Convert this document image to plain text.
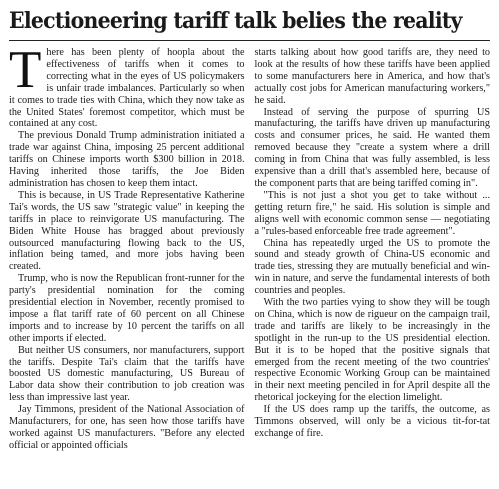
Electioneering tariff talk belies the reality

There has been plenty of hoopla about the effectiveness of tariffs when it comes to correcting what in the eyes of US policymakers is unfair trade imbalances. Particularly so when it comes to trade ties with China, which they now take as the United States' foremost competitor, which must be contained at any cost.

The previous Donald Trump administration initiated a trade war against China, imposing 25 percent additional tariffs on Chinese imports worth $300 billion in 2018. Having inherited those tariffs, the Joe Biden administration has chosen to keep them intact.

This is because, in US Trade Representative Katherine Tai's words, the US saw "strategic value" in keeping the tariffs in place to reinvigorate US manufacturing. The Biden White House has bragged about previously outsourced manufacturing flowing back to the US, inflation being tamed, and more jobs having been created.

Trump, who is now the Republican front-runner for the party's presidential nomination for the coming presidential election in November, recently promised to impose a flat tariff rate of 60 percent on all Chinese imports and to increase by 10 percent the tariffs on all other imports if elected.

But neither US consumers, nor manufacturers, support the tariffs. Despite Tai's claim that the tariffs have boosted US domestic manufacturing, US Bureau of Labor data show their contribution to job creation was less than impressive last year.

Jay Timmons, president of the National Association of Manufacturers, for one, has seen how those tariffs have worked against US manufacturers. "Before any elected official or appointed officials

starts talking about how good tariffs are, they need to look at the results of how these tariffs have been applied to some manufacturers here in America, and how that's actually cost jobs for American manufacturing workers," he said.

Instead of serving the purpose of spurring US manufacturing, the tariffs have driven up manufacturing costs and consumer prices, he said. He wanted them removed because they "create a system where a drill coming in from China that was fully assembled, is less expensive than a drill that's assembled here, because of the component parts that are being tariffed coming in".

"This is not just a shot you get to take without ... getting return fire," he said. His solution is simple and aligns well with economic common sense — negotiating a "rules-based enforceable free trade agreement".

China has repeatedly urged the US to promote the sound and steady growth of China-US economic and trade ties, stressing they are mutually beneficial and win-win in nature, and serve the fundamental interests of both countries and peoples.

With the two parties vying to show they will be tough on China, which is now de rigueur on the campaign trail, trade and tariffs are likely to be increasingly in the spotlight in the run-up to the US presidential election. But it is to be hoped that the positive signals that emerged from the recent meeting of the two countries' respective Economic Working Group can be maintained in their next meeting penciled in for April despite all the rhetorical jockeying for the election limelight.

If the US does ramp up the tariffs, the outcome, as Timmons observed, will only be a vicious tit-for-tat exchange of fire.
